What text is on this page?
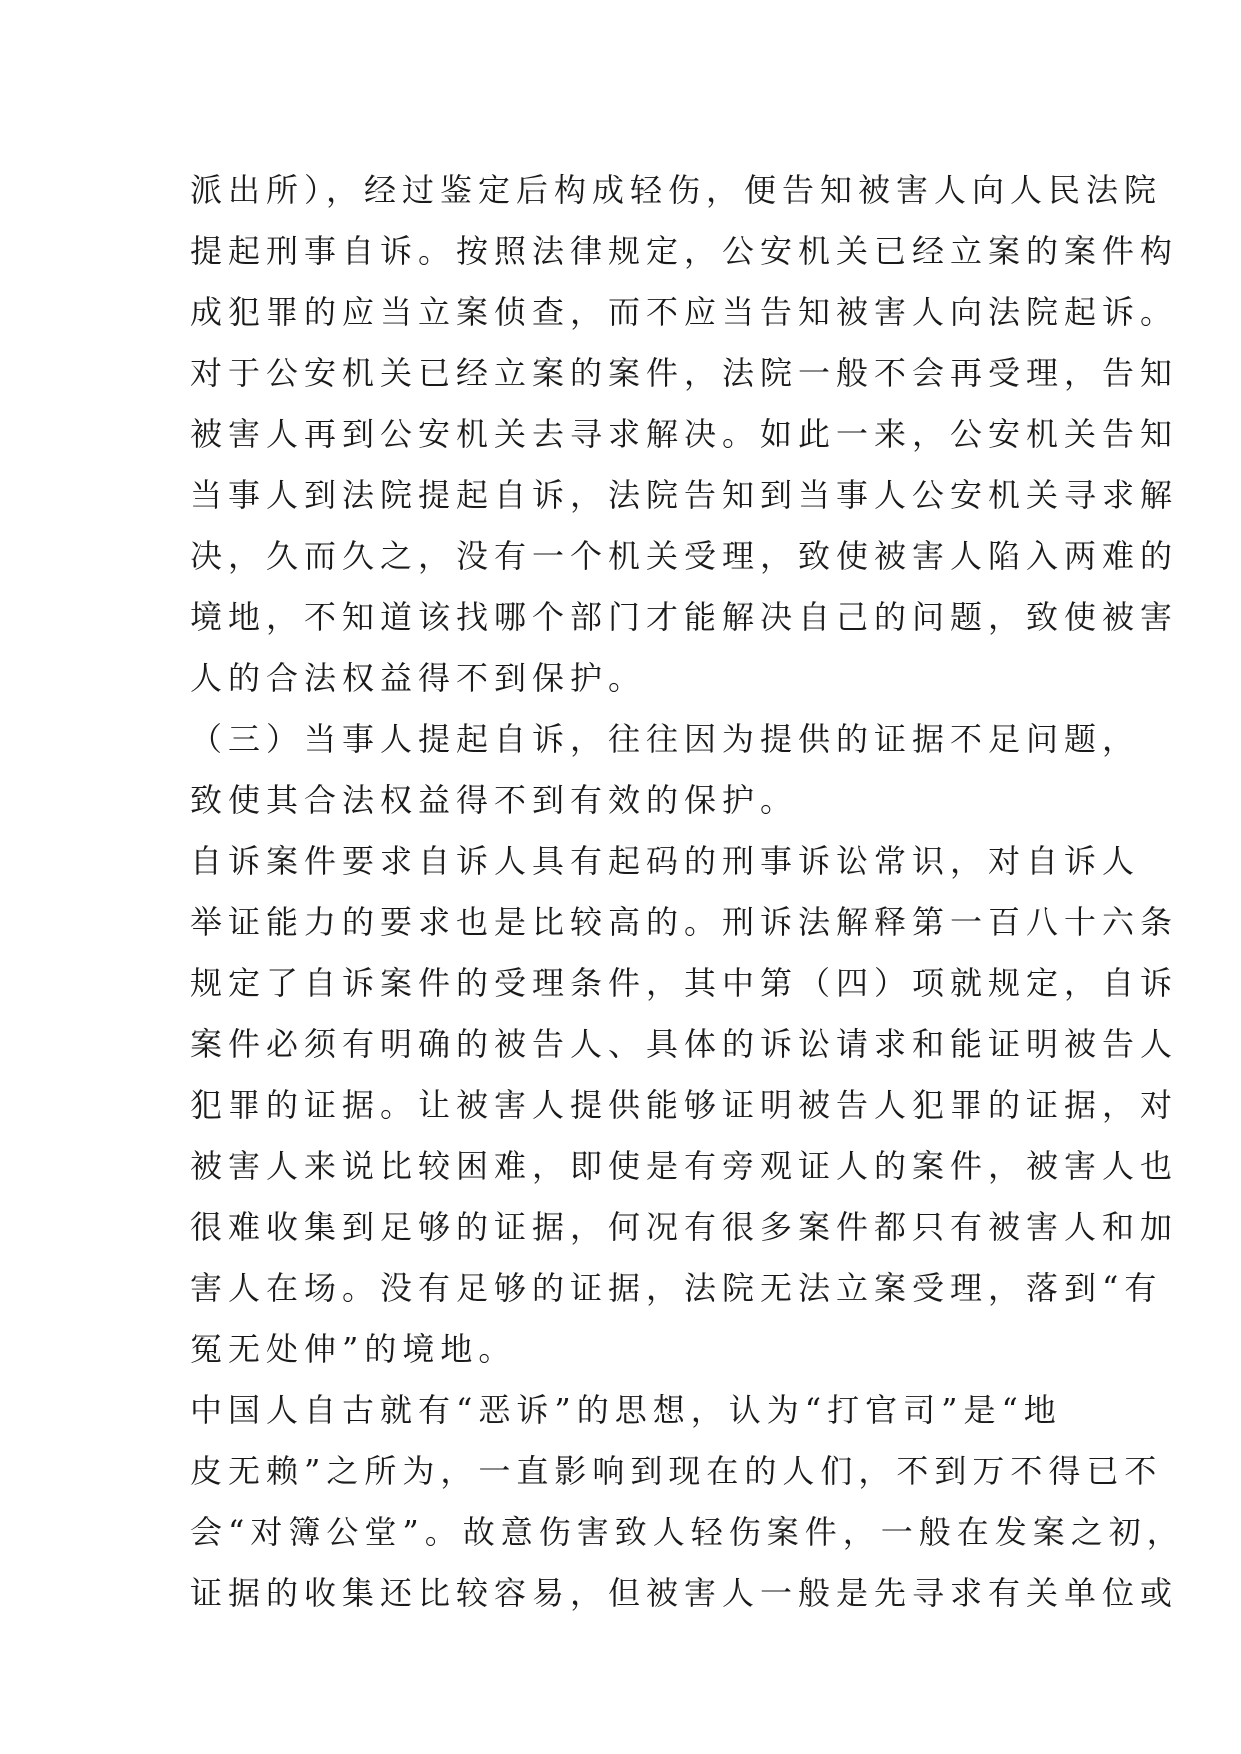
派出所），经过鉴定后构成轻伤，便告知被害人向人民法院
提起刑事自诉。按照法律规定，公安机关已经立案的案件构
成犯罪的应当立案侦查，而不应当告知被害人向法院起诉。
对于公安机关已经立案的案件，法院一般不会再受理，告知
被害人再到公安机关去寻求解决。如此一来，公安机关告知
当事人到法院提起自诉，法院告知到当事人公安机关寻求解
决，久而久之，没有一个机关受理，致使被害人陷入两难的
境地，不知道该找哪个部门才能解决自己的问题，致使被害
人的合法权益得不到保护。
（三）当事人提起自诉，往往因为提供的证据不足问题，
致使其合法权益得不到有效的保护。
自诉案件要求自诉人具有起码的刑事诉讼常识，对自诉人
举证能力的要求也是比较高的。刑诉法解释第一百八十六条
规定了自诉案件的受理条件，其中第（四）项就规定，自诉
案件必须有明确的被告人、具体的诉讼请求和能证明被告人
犯罪的证据。让被害人提供能够证明被告人犯罪的证据，对
被害人来说比较困难，即使是有旁观证人的案件，被害人也
很难收集到足够的证据，何况有很多案件都只有被害人和加
害人在场。没有足够的证据，法院无法立案受理，落到“有
冤无处伸”的境地。
中国人自古就有“恶诉”的思想，认为“打官司”是“地
皮无赖”之所为，一直影响到现在的人们，不到万不得已不
会“对簿公堂”。故意伤害致人轻伤案件，一般在发案之初，
证据的收集还比较容易，但被害人一般是先寻求有关单位或
